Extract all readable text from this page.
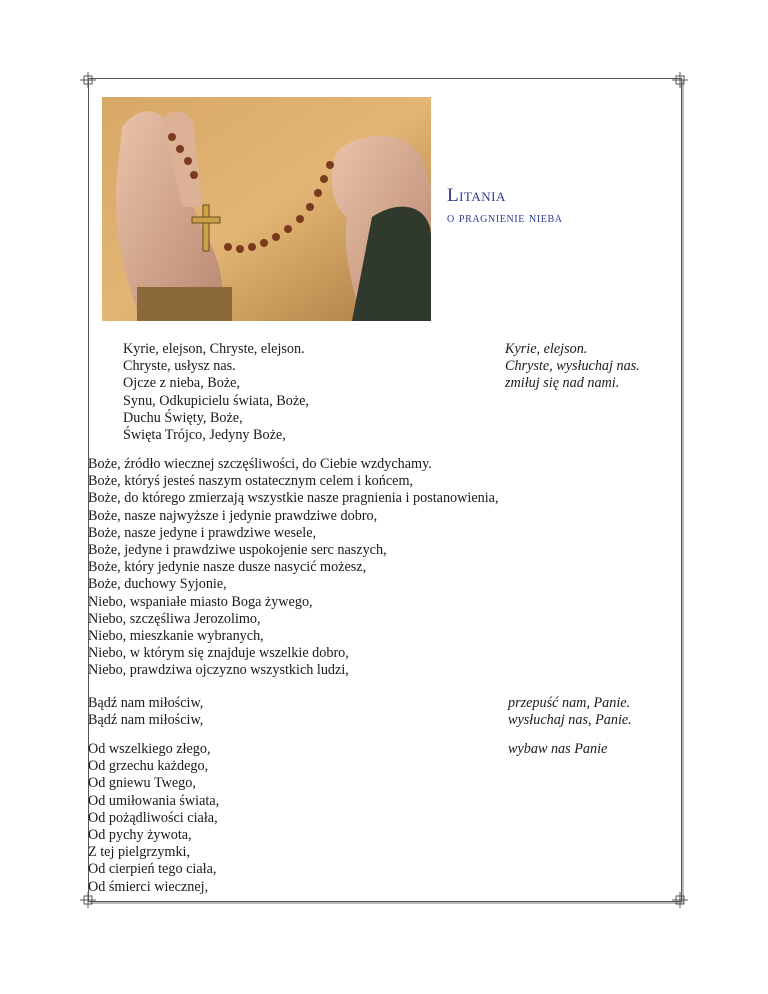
Litania
o pragnienie nieba
Kyrie, elejson, Chryste, elejson.
Chryste, usłysz nas.
Ojcze z nieba, Boże,
Synu, Odkupicielu świata, Boże,
Duchu Święty, Boże,
Święta Trójco, Jedyny Boże,
Kyrie, elejson.
Chryste, wysłuchaj nas.
zmiłuj się nad nami.
Boże, źródło wiecznej szczęśliwości, do Ciebie wzdychamy.
Boże, któryś jesteś naszym ostatecznym celem i końcem,
Boże, do którego zmierzają wszystkie nasze pragnienia i postanowienia,
Boże, nasze najwyższe i jedynie prawdziwe dobro,
Boże, nasze jedyne i prawdziwe wesele,
Boże, jedyne i prawdziwe uspokojenie serc naszych,
Boże, który jedynie nasze dusze nasycić możesz,
Boże, duchowy Syjonie,
Niebo, wspaniałe miasto Boga żywego,
Niebo, szczęśliwa Jerozolimo,
Niebo, mieszkanie wybranych,
Niebo, w którym się znajduje wszelkie dobro,
Niebo, prawdziwa ojczyzno wszystkich ludzi,
Bądź nam miłościw,
Bądź nam miłościw,
przepuść nam, Panie.
wysłuchaj nas, Panie.
Od wszelkiego złego,
Od grzechu każdego,
Od gniewu Twego,
Od umiłowania świata,
Od pożądliwości ciała,
Od pychy żywota,
Z tej pielgrzymki,
Od cierpień tego ciała,
Od śmierci wiecznej,
wybaw nas Panie
